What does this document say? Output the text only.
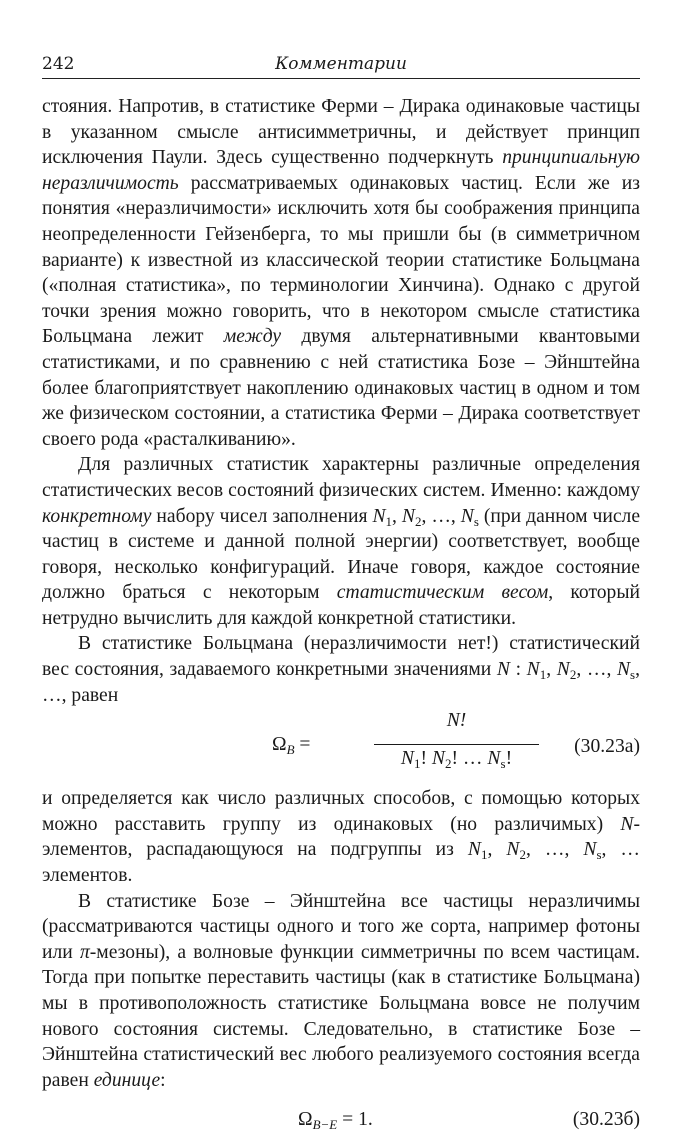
242	Комментарии

стояния. Напротив, в статистике Ферми – Дирака одинаковые частицы в указанном смысле антисимметричны, и действует принцип исключения Паули. Здесь существенно подчеркнуть принципиальную неразличимость рассматриваемых одинаковых частиц. Если же из понятия «неразличимости» исключить хотя бы соображения принципа неопределенности Гейзенберга, то мы пришли бы (в симметричном варианте) к известной из классической теории статистике Больцмана («полная статистика», по терминологии Хинчина). Однако с другой точки зрения можно говорить, что в некотором смысле статистика Больцмана лежит между двумя альтернативными квантовыми статистиками, и по сравнению с ней статистика Бозе – Эйнштейна более благоприятствует накоплению одинаковых частиц в одном и том же физическом состоянии, а статистика Ферми – Дирака соответствует своего рода «расталкиванию».

Для различных статистик характерны различные определения статистических весов состояний физических систем. Именно: каждому конкретному набору чисел заполнения $N_1$, $N_2$, …, $N_s$ (при данном числе частиц в системе и данной полной энергии) соответствует, вообще говоря, несколько конфигураций. Иначе говоря, каждое состояние должно браться с некоторым статистическим весом, который нетрудно вычислить для каждой конкретной статистики.

В статистике Больцмана (неразличимости нет!) статистический вес состояния, задаваемого конкретными значениями N : $N_1$, $N_2$, …, $N_s$, …, равен

$\Omega_B$ =
N!
$N_1$! $N_2$! … $N_s$!
(30.23а)

и определяется как число различных способов, с помощью которых можно расставить группу из одинаковых (но различимых) N-элементов, распадающуюся на подгруппы из $N_1$, $N_2$, …, $N_s$, … элементов.

В статистике Бозе – Эйнштейна все частицы неразличимы (рассматриваются частицы одного и того же сорта, например фотоны или π-мезоны), а волновые функции симметричны по всем частицам. Тогда при попытке переставить частицы (как в статистике Больцмана) мы в противоположность статистике Больцмана вовсе не получим нового состояния системы. Следовательно, в статистике Бозе – Эйнштейна статистический вес любого реализуемого состояния всегда равен единице:

$\Omega_{B-E} = 1$.	(30.23б)
